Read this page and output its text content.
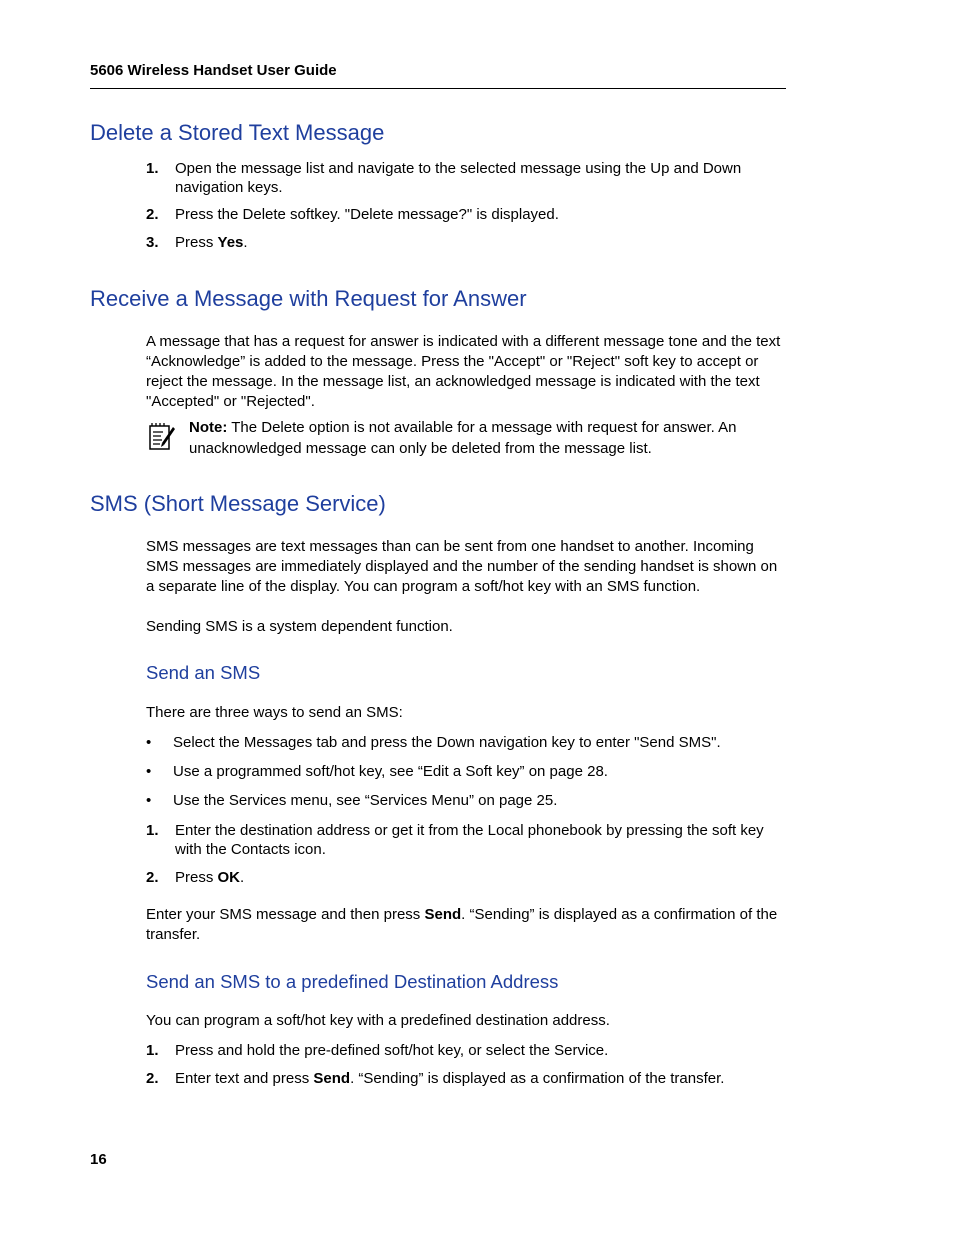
5606 Wireless Handset User Guide
Delete a Stored Text Message
1. Open the message list and navigate to the selected message using the Up and Down navigation keys.
2. Press the Delete softkey. "Delete message?" is displayed.
3. Press Yes.
Receive a Message with Request for Answer

A message that has a request for answer is indicated with a different message tone and the text “Acknowledge” is added to the message. Press the "Accept" or "Reject" soft key to accept or reject the message. In the message list, an acknowledged message is indicated with the text "Accepted" or "Rejected".

Note: The Delete option is not available for a message with request for answer. An unacknowledged message can only be deleted from the message list.
SMS (Short Message Service)

SMS messages are text messages than can be sent from one handset to another. Incoming SMS messages are immediately displayed and the number of the sending handset is shown on a separate line of the display. You can program a soft/hot key with an SMS function.

Sending SMS is a system dependent function.

Send an SMS

There are three ways to send an SMS:

• Select the Messages tab and press the Down navigation key to enter "Send SMS".
• Use a programmed soft/hot key, see “Edit a Soft key” on page 28.
• Use the Services menu, see “Services Menu” on page 25.
1. Enter the destination address or get it from the Local phonebook by pressing the soft key with the Contacts icon.
2. Press OK.

Enter your SMS message and then press Send. “Sending” is displayed as a confirmation of the transfer.

Send an SMS to a predefined Destination Address

You can program a soft/hot key with a predefined destination address.

1. Press and hold the pre-defined soft/hot key, or select the Service.
2. Enter text and press Send. “Sending” is displayed as a confirmation of the transfer.
16
